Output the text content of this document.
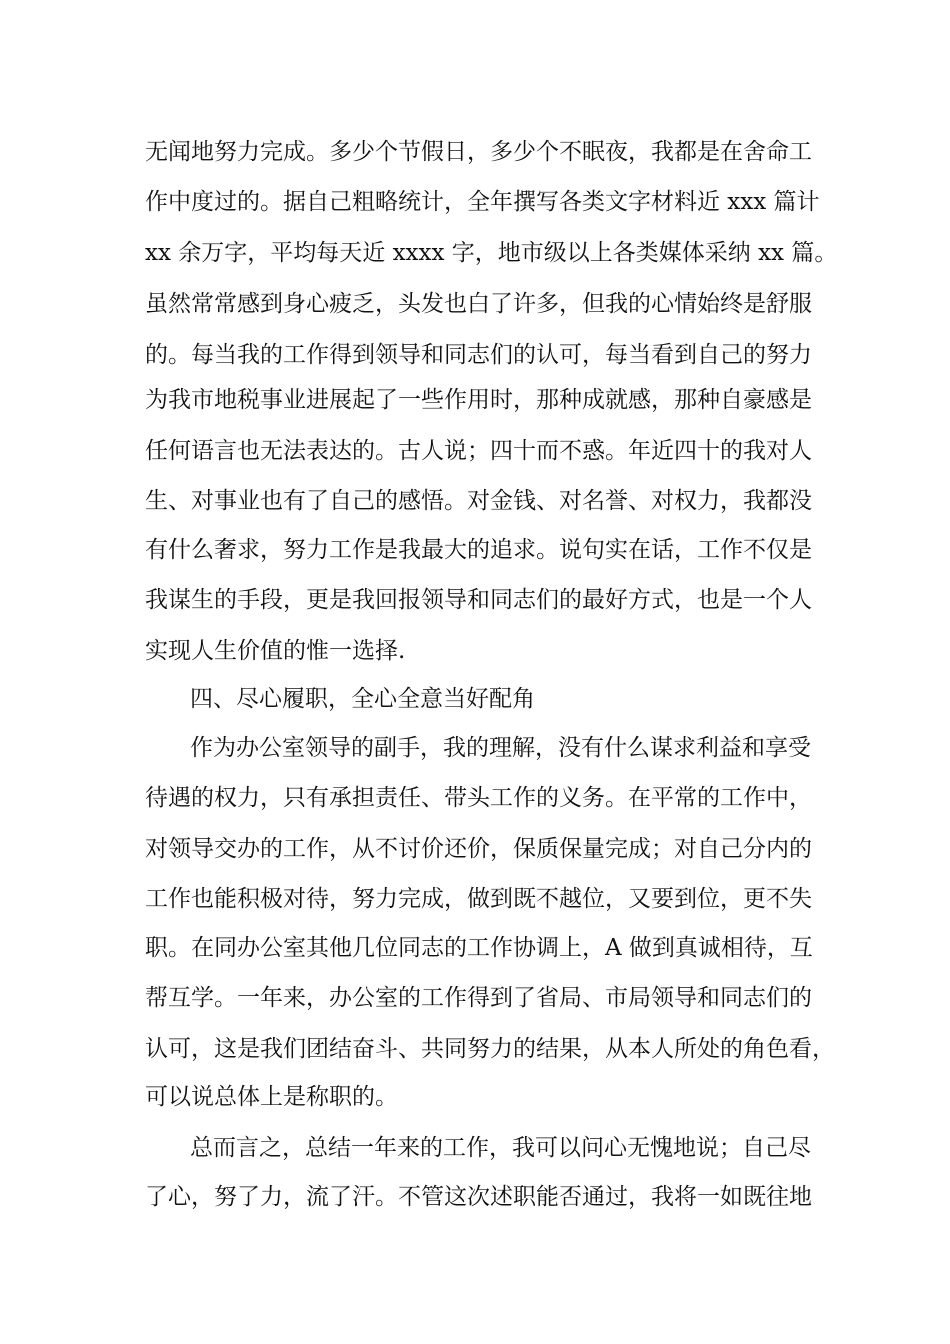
无闻地努力完成。多少个节假日，多少个不眠夜，我都是在舍命工

作中度过的。据自己粗略统计，全年撰写各类文字材料近 xxx 篇计

xx 余万字，平均每天近 xxxx 字，地市级以上各类媒体采纳 xx 篇。

虽然常常感到身心疲乏，头发也白了许多，但我的心情始终是舒服

的。每当我的工作得到领导和同志们的认可，每当看到自己的努力

为我市地税事业进展起了一些作用时，那种成就感，那种自豪感是

任何语言也无法表达的。古人说；四十而不惑。年近四十的我对人

生、对事业也有了自己的感悟。对金钱、对名誉、对权力，我都没

有什么奢求，努力工作是我最大的追求。说句实在话，工作不仅是

我谋生的手段，更是我回报领导和同志们的最好方式，也是一个人

实现人生价值的惟一选择.

四、尽心履职，全心全意当好配角

作为办公室领导的副手，我的理解，没有什么谋求利益和享受

待遇的权力，只有承担责任、带头工作的义务。在平常的工作中，

对领导交办的工作，从不讨价还价，保质保量完成；对自己分内的

工作也能积极对待，努力完成，做到既不越位，又要到位，更不失

职。在同办公室其他几位同志的工作协调上，A 做到真诚相待，互

帮互学。一年来，办公室的工作得到了省局、市局领导和同志们的

认可，这是我们团结奋斗、共同努力的结果，从本人所处的角色看，

可以说总体上是称职的。

总而言之，总结一年来的工作，我可以问心无愧地说；自己尽

了心，努了力，流了汗。不管这次述职能否通过，我将一如既往地
